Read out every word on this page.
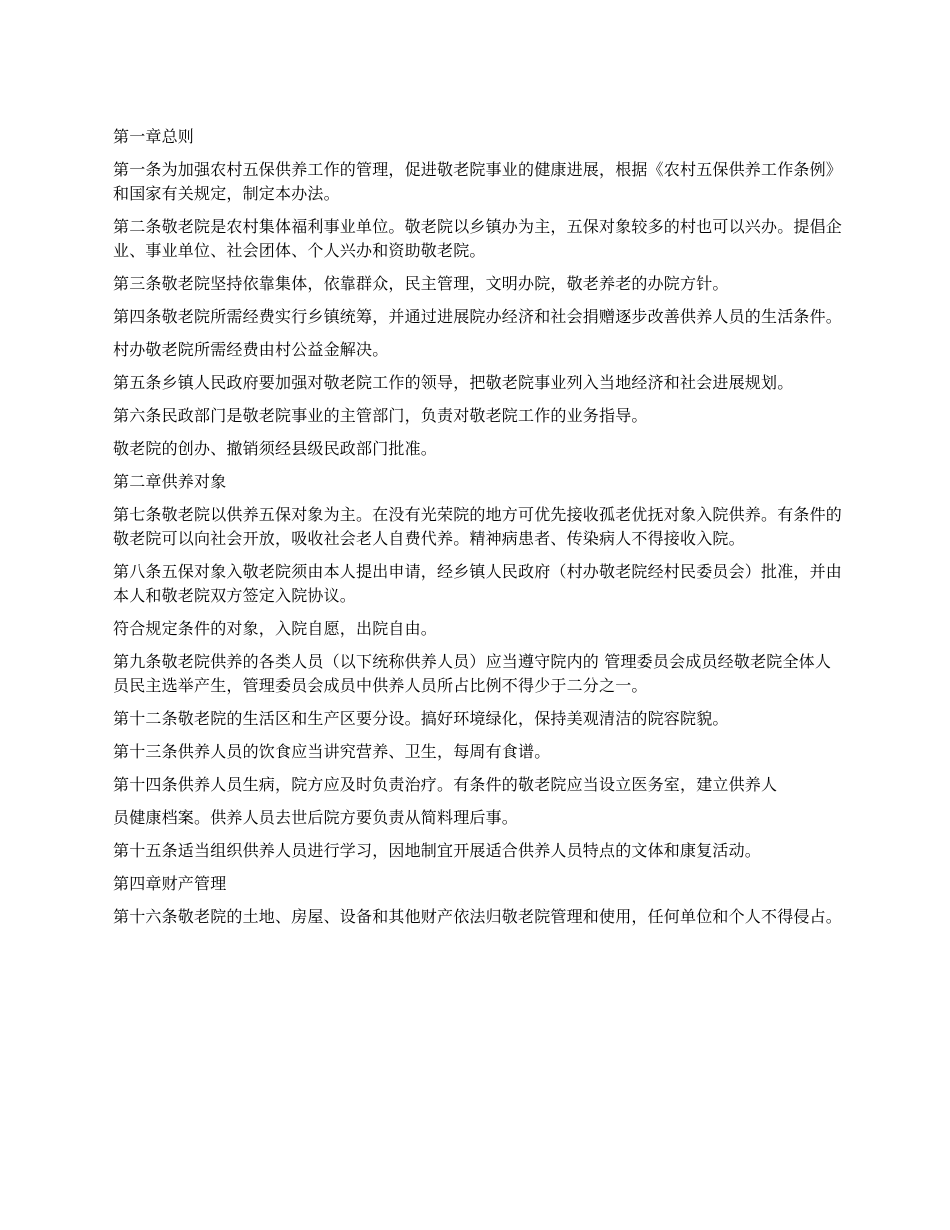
第一章总则

第一条为加强农村五保供养工作的管理，促进敬老院事业的健康进展，根据《农村五保供养工作条例》和国家有关规定，制定本办法。

第二条敬老院是农村集体福利事业单位。敬老院以乡镇办为主，五保对象较多的村也可以兴办。提倡企业、事业单位、社会团体、个人兴办和资助敬老院。

第三条敬老院坚持依靠集体，依靠群众，民主管理，文明办院，敬老养老的办院方针。

第四条敬老院所需经费实行乡镇统筹，并通过进展院办经济和社会捐赠逐步改善供养人员的生活条件。

村办敬老院所需经费由村公益金解决。

第五条乡镇人民政府要加强对敬老院工作的领导，把敬老院事业列入当地经济和社会进展规划。

第六条民政部门是敬老院事业的主管部门，负责对敬老院工作的业务指导。

敬老院的创办、撤销须经县级民政部门批准。

第二章供养对象

第七条敬老院以供养五保对象为主。在没有光荣院的地方可优先接收孤老优抚对象入院供养。有条件的敬老院可以向社会开放，吸收社会老人自费代养。精神病患者、传染病人不得接收入院。

第八条五保对象入敬老院须由本人提出申请，经乡镇人民政府（村办敬老院经村民委员会）批准，并由本人和敬老院双方签定入院协议。

符合规定条件的对象，入院自愿，出院自由。

第九条敬老院供养的各类人员（以下统称供养人员）应当遵守院内的 管理委员会成员经敬老院全体人员民主选举产生，管理委员会成员中供养人员所占比例不得少于二分之一。

第十二条敬老院的生活区和生产区要分设。搞好环境绿化，保持美观清洁的院容院貌。

第十三条供养人员的饮食应当讲究营养、卫生，每周有食谱。

第十四条供养人员生病，院方应及时负责治疗。有条件的敬老院应当设立医务室，建立供养人

员健康档案。供养人员去世后院方要负责从简料理后事。

第十五条适当组织供养人员进行学习，因地制宜开展适合供养人员特点的文体和康复活动。

第四章财产管理

第十六条敬老院的土地、房屋、设备和其他财产依法归敬老院管理和使用，任何单位和个人不得侵占。
